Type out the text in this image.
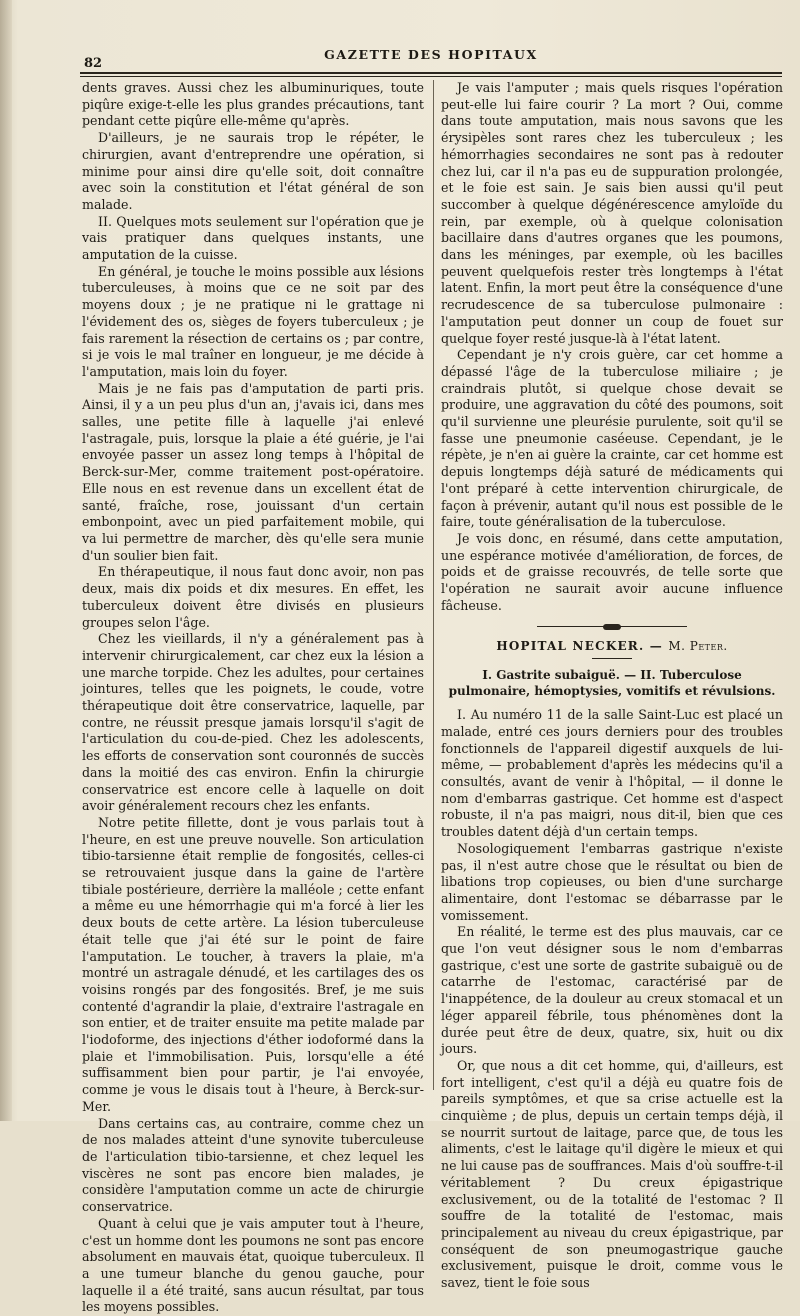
82
GAZETTE DES HOPITAUX

dents graves. Aussi chez les albuminuriques, toute piqûre exige-t-elle les plus grandes précautions, tant pendant cette piqûre elle-même qu'après.

D'ailleurs, je ne saurais trop le répéter, le chirurgien, avant d'entreprendre une opération, si minime pour ainsi dire qu'elle soit, doit connaître avec soin la constitution et l'état général de son malade.

II. Quelques mots seulement sur l'opération que je vais pratiquer dans quelques instants, une amputation de la cuisse.

En général, je touche le moins possible aux lésions tuberculeuses, à moins que ce ne soit par des moyens doux ; je ne pratique ni le grattage ni l'évidement des os, sièges de foyers tuberculeux ; je fais rarement la résection de certains os ; par contre, si je vois le mal traîner en longueur, je me décide à l'amputation, mais loin du foyer.

Mais je ne fais pas d'amputation de parti pris. Ainsi, il y a un peu plus d'un an, j'avais ici, dans mes salles, une petite fille à laquelle j'ai enlevé l'astragale, puis, lorsque la plaie a été guérie, je l'ai envoyée passer un assez long temps à l'hôpital de Berck-sur-Mer, comme traitement post-opératoire. Elle nous en est revenue dans un excellent état de santé, fraîche, rose, jouissant d'un certain embonpoint, avec un pied parfaitement mobile, qui va lui permettre de marcher, dès qu'elle sera munie d'un soulier bien fait.

En thérapeutique, il nous faut donc avoir, non pas deux, mais dix poids et dix mesures. En effet, les tuberculeux doivent être divisés en plusieurs groupes selon l'âge.

Chez les vieillards, il n'y a généralement pas à intervenir chirurgicalement, car chez eux la lésion a une marche torpide. Chez les adultes, pour certaines jointures, telles que les poignets, le coude, votre thérapeutique doit être conservatrice, laquelle, par contre, ne réussit presque jamais lorsqu'il s'agit de l'articulation du cou-de-pied. Chez les adolescents, les efforts de conservation sont couronnés de succès dans la moitié des cas environ. Enfin la chirurgie conservatrice est encore celle à laquelle on doit avoir généralement recours chez les enfants.

Notre petite fillette, dont je vous parlais tout à l'heure, en est une preuve nouvelle. Son articulation tibio-tarsienne était remplie de fongosités, celles-ci se retrouvaient jusque dans la gaine de l'artère tibiale postérieure, derrière la malléole ; cette enfant a même eu une hémorrhagie qui m'a forcé à lier les deux bouts de cette artère. La lésion tuberculeuse était telle que j'ai été sur le point de faire l'amputation. Le toucher, à travers la plaie, m'a montré un astragale dénudé, et les cartilages des os voisins rongés par des fongosités. Bref, je me suis contenté d'agrandir la plaie, d'extraire l'astragale en son entier, et de traiter ensuite ma petite malade par l'iodoforme, des injections d'éther iodoformé dans la plaie et l'immobilisation. Puis, lorsqu'elle a été suffisamment bien pour partir, je l'ai envoyée, comme je vous le disais tout à l'heure, à Berck-sur-Mer.

Dans certains cas, au contraire, comme chez un de nos malades atteint d'une synovite tuberculeuse de l'articulation tibio-tarsienne, et chez lequel les viscères ne sont pas encore bien malades, je considère l'amputation comme un acte de chirurgie conservatrice.

Quant à celui que je vais amputer tout à l'heure, c'est un homme dont les poumons ne sont pas encore absolument en mauvais état, quoique tuberculeux. Il a une tumeur blanche du genou gauche, pour laquelle il a été traité, sans aucun résultat, par tous les moyens possibles.

Je vais l'amputer ; mais quels risques l'opération peut-elle lui faire courir ? La mort ? Oui, comme dans toute amputation, mais nous savons que les érysipèles sont rares chez les tuberculeux ; les hémorrhagies secondaires ne sont pas à redouter chez lui, car il n'a pas eu de suppuration prolongée, et le foie est sain. Je sais bien aussi qu'il peut succomber à quelque dégénérescence amyloïde du rein, par exemple, où à quelque colonisation bacillaire dans d'autres organes que les poumons, dans les méninges, par exemple, où les bacilles peuvent quelquefois rester très longtemps à l'état latent. Enfin, la mort peut être la conséquence d'une recrudescence de sa tuberculose pulmonaire : l'amputation peut donner un coup de fouet sur quelque foyer resté jusque-là à l'état latent.

Cependant je n'y crois guère, car cet homme a dépassé l'âge de la tuberculose miliaire ; je craindrais plutôt, si quelque chose devait se produire, une aggravation du côté des poumons, soit qu'il survienne une pleurésie purulente, soit qu'il se fasse une pneumonie caséeuse. Cependant, je le répète, je n'en ai guère la crainte, car cet homme est depuis longtemps déjà saturé de médicaments qui l'ont préparé à cette intervention chirurgicale, de façon à prévenir, autant qu'il nous est possible de le faire, toute généralisation de la tuberculose.

Je vois donc, en résumé, dans cette amputation, une espérance motivée d'amélioration, de forces, de poids et de graisse recouvrés, de telle sorte que l'opération ne saurait avoir aucune influence fâcheuse.

HOPITAL NECKER. — M. Peter.
I. Gastrite subaiguë. — II. Tuberculose pulmonaire, hémoptysies, vomitifs et révulsions.

I. Au numéro 11 de la salle Saint-Luc est placé un malade, entré ces jours derniers pour des troubles fonctionnels de l'appareil digestif auxquels de lui-même, — probablement d'après les médecins qu'il a consultés, avant de venir à l'hôpital, — il donne le nom d'embarras gastrique. Cet homme est d'aspect robuste, il n'a pas maigri, nous dit-il, bien que ces troubles datent déjà d'un certain temps.

Nosologiquement l'embarras gastrique n'existe pas, il n'est autre chose que le résultat ou bien de libations trop copieuses, ou bien d'une surcharge alimentaire, dont l'estomac se débarrasse par le vomissement.

En réalité, le terme est des plus mauvais, car ce que l'on veut désigner sous le nom d'embarras gastrique, c'est une sorte de gastrite subaiguë ou de catarrhe de l'estomac, caractérisé par de l'inappétence, de la douleur au creux stomacal et un léger appareil fébrile, tous phénomènes dont la durée peut être de deux, quatre, six, huit ou dix jours.

Or, que nous a dit cet homme, qui, d'ailleurs, est fort intelligent, c'est qu'il a déjà eu quatre fois de pareils symptômes, et que sa crise actuelle est la cinquième ; de plus, depuis un certain temps déjà, il se nourrit surtout de laitage, parce que, de tous les aliments, c'est le laitage qu'il digère le mieux et qui ne lui cause pas de souffrances. Mais d'où souffre-t-il véritablement ? Du creux épigastrique exclusivement, ou de la totalité de l'estomac ? Il souffre de la totalité de l'estomac, mais principalement au niveau du creux épigastrique, par conséquent de son pneumogastrique gauche exclusivement, puisque le droit, comme vous le savez, tient le foie sous
